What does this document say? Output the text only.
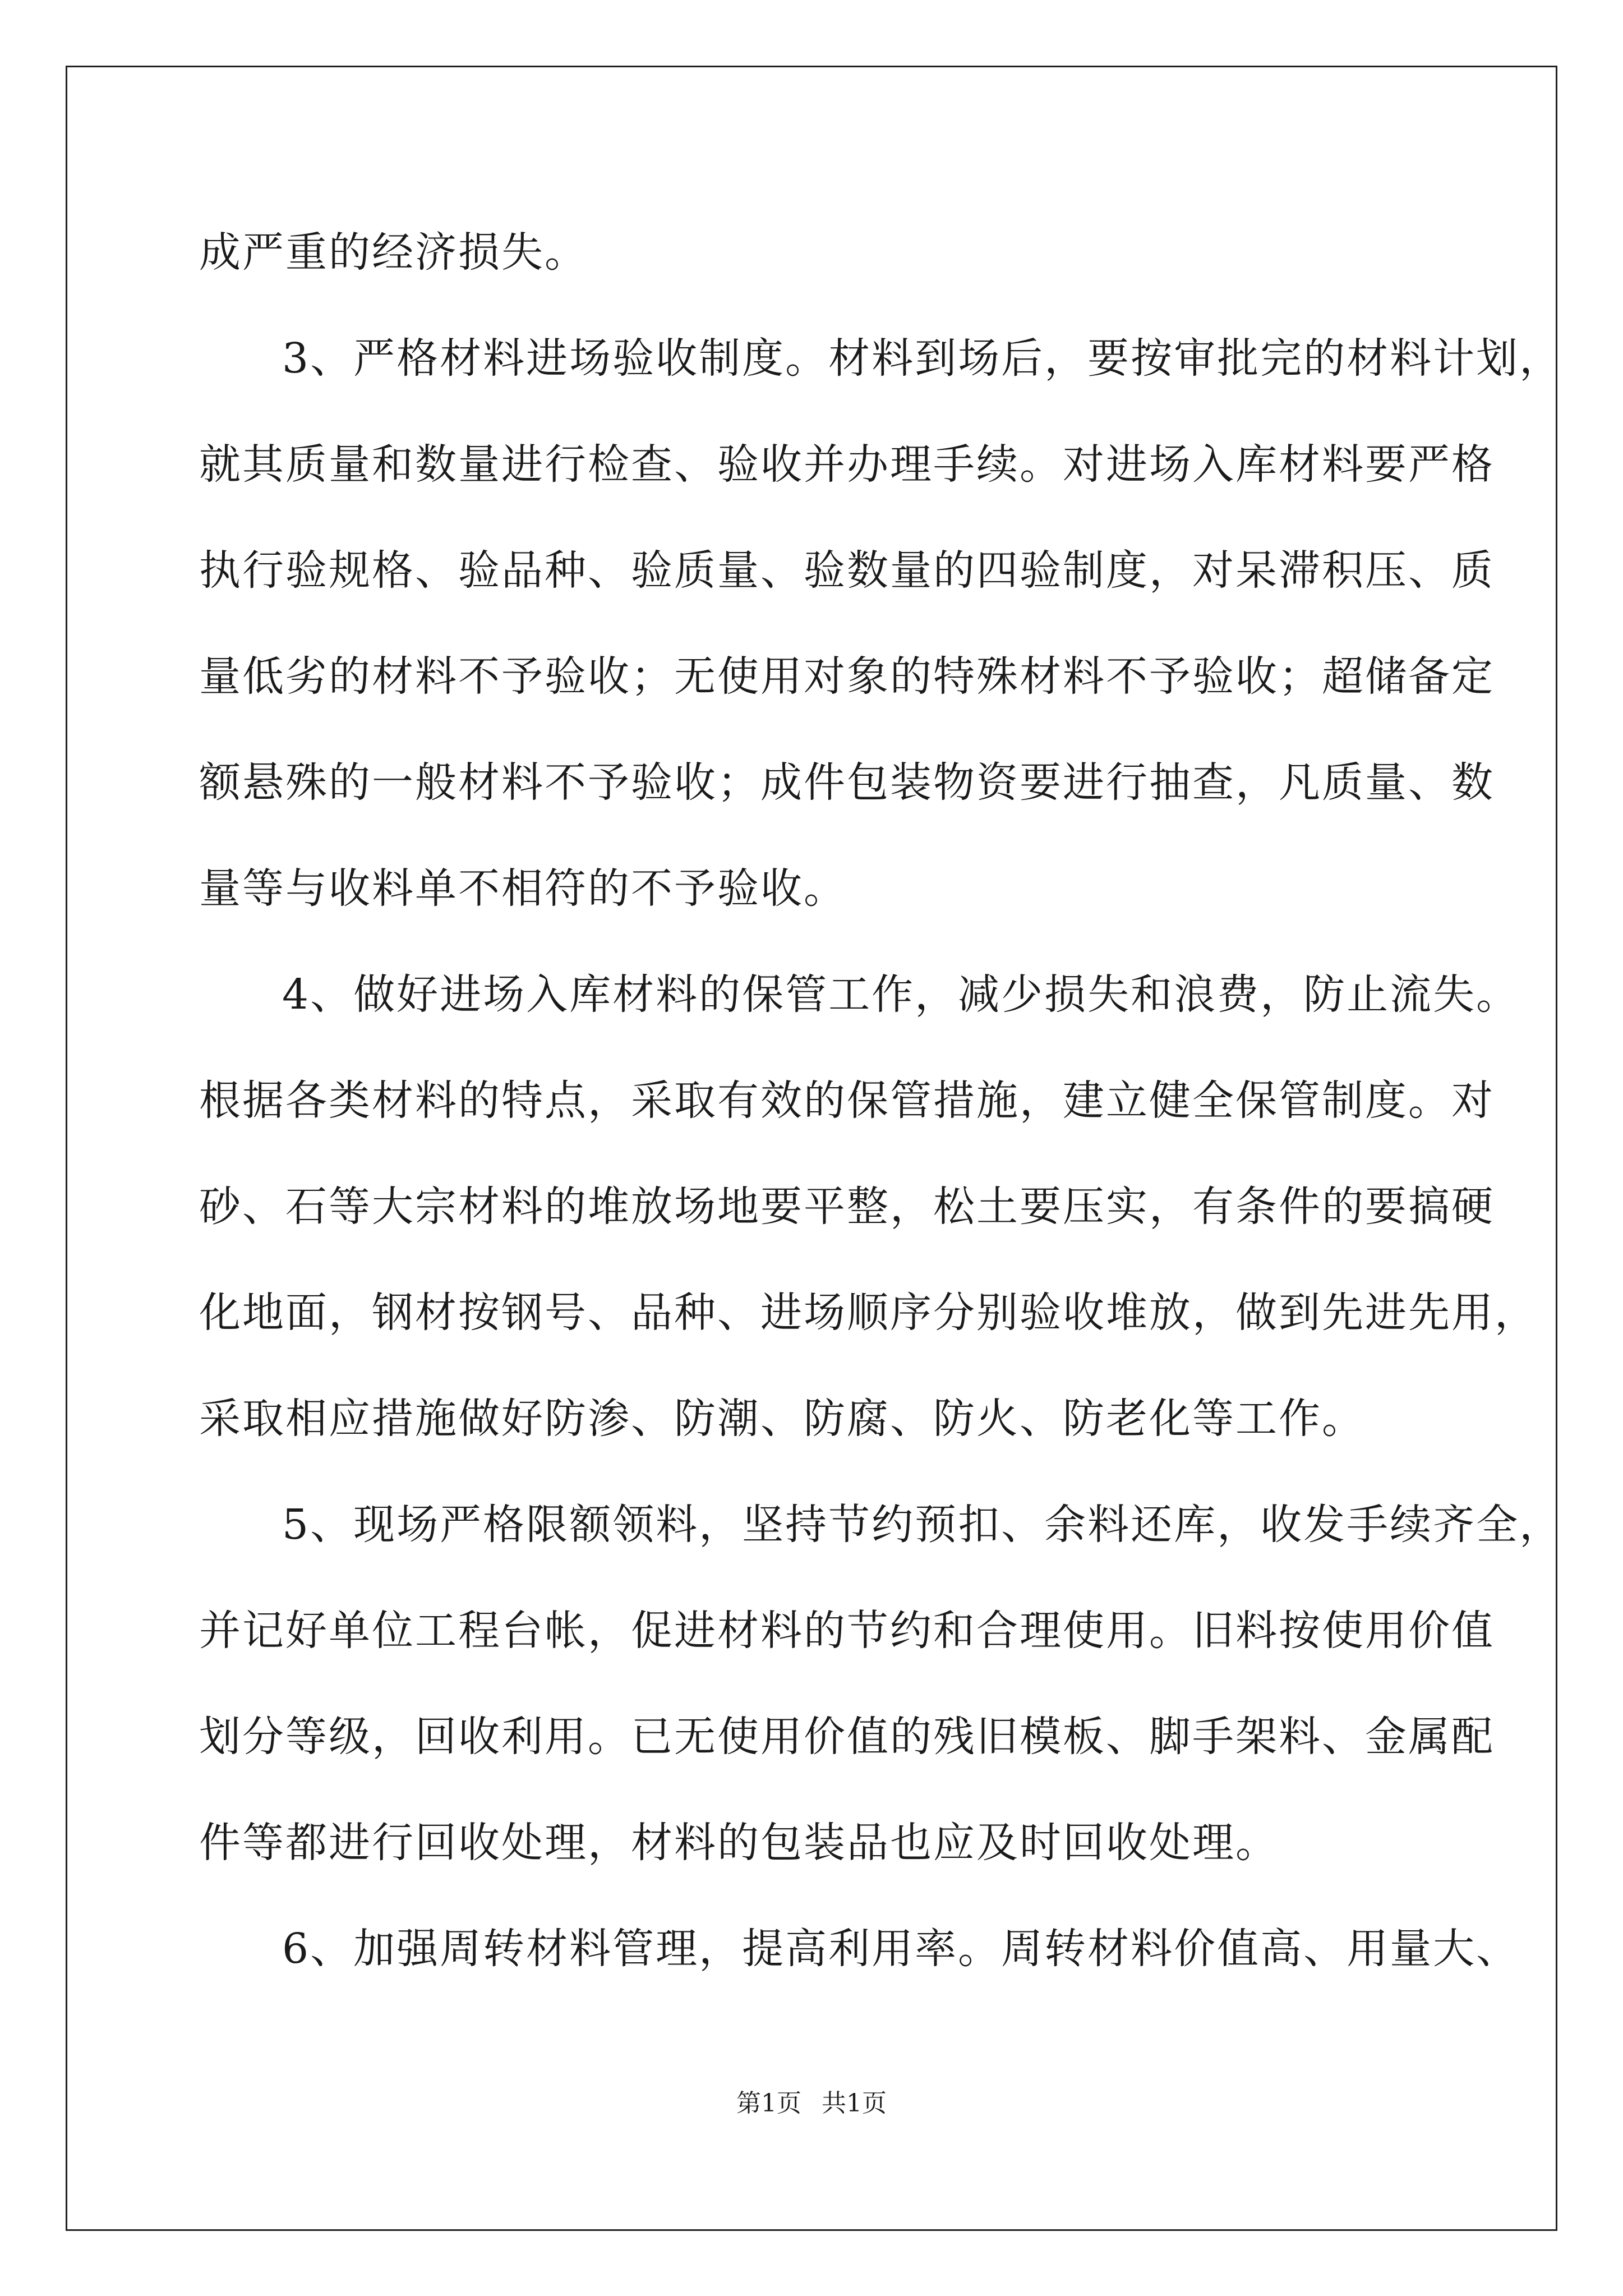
成严重的经济损失。
3、严格材料进场验收制度。材料到场后，要按审批完的材料计划，
就其质量和数量进行检查、验收并办理手续。对进场入库材料要严格
执行验规格、验品种、验质量、验数量的四验制度，对呆滞积压、质
量低劣的材料不予验收；无使用对象的特殊材料不予验收；超储备定
额悬殊的一般材料不予验收；成件包装物资要进行抽查，凡质量、数
量等与收料单不相符的不予验收。
4、做好进场入库材料的保管工作，减少损失和浪费，防止流失。
根据各类材料的特点，采取有效的保管措施，建立健全保管制度。对
砂、石等大宗材料的堆放场地要平整，松土要压实，有条件的要搞硬
化地面，钢材按钢号、品种、进场顺序分别验收堆放，做到先进先用，
采取相应措施做好防渗、防潮、防腐、防火、防老化等工作。
5、现场严格限额领料，坚持节约预扣、余料还库，收发手续齐全，
并记好单位工程台帐，促进材料的节约和合理使用。旧料按使用价值
划分等级，回收利用。已无使用价值的残旧模板、脚手架料、金属配
件等都进行回收处理，材料的包装品也应及时回收处理。
6、加强周转材料管理，提高利用率。周转材料价值高、用量大、
第1页 共1页
